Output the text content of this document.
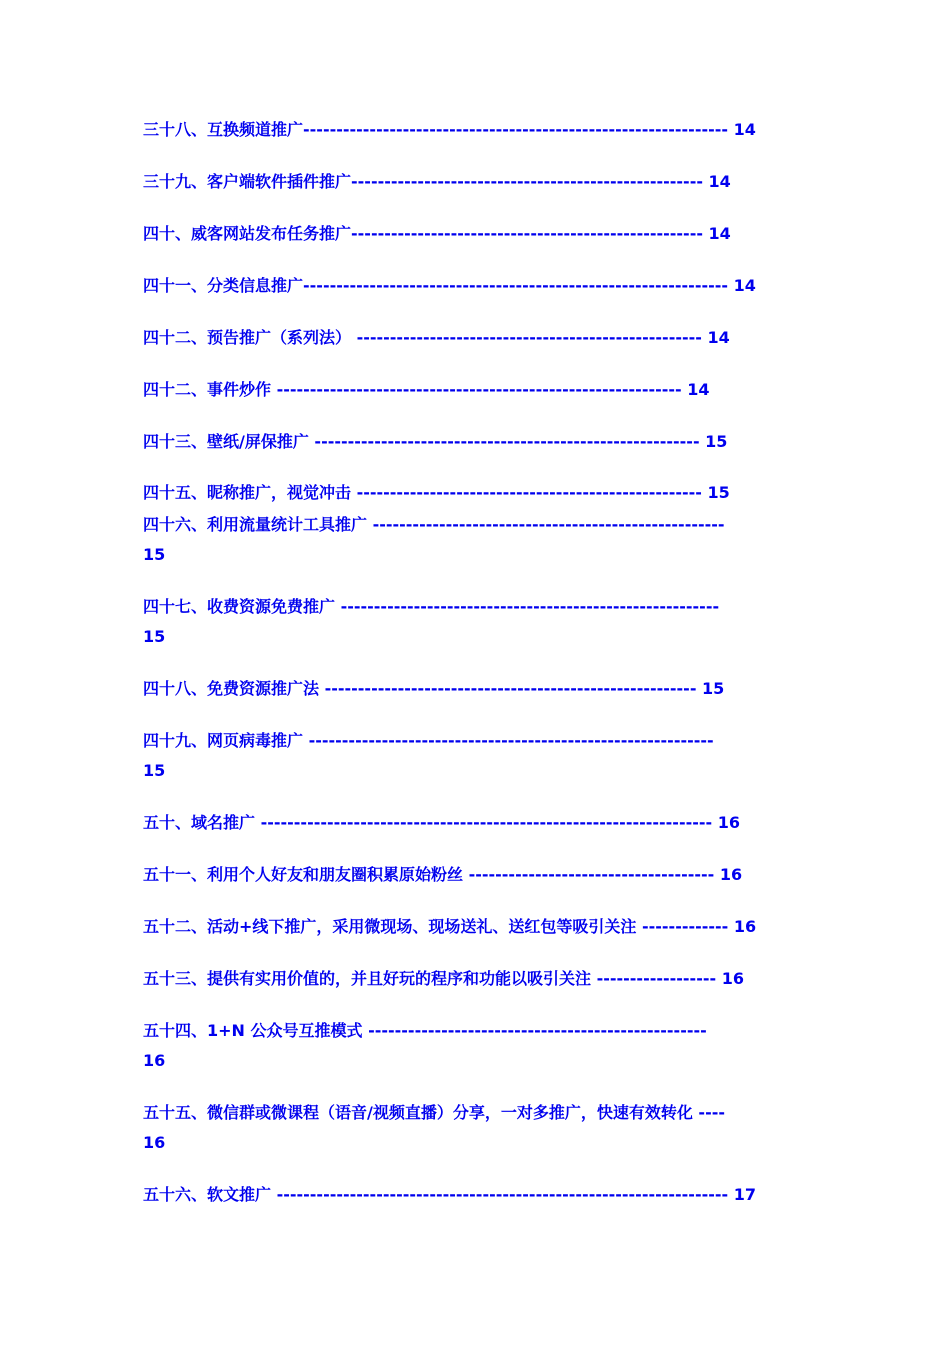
三十八、互换频道推广---------------------------------------------------------------- 14
三十九、客户端软件插件推广----------------------------------------------------- 14
四十、威客网站发布任务推广----------------------------------------------------- 14
四十一、分类信息推广---------------------------------------------------------------- 14
四十二、预告推广（系列法） ---------------------------------------------------- 14
四十二、事件炒作 ------------------------------------------------------------- 14
四十三、壁纸/屏保推广 ---------------------------------------------------------- 15
四十五、昵称推广，视觉冲击 ---------------------------------------------------- 15
四十六、利用流量统计工具推广 -----------------------------------------------------
15
四十七、收费资源免费推广 ---------------------------------------------------------
15
四十八、免费资源推广法 -------------------------------------------------------- 15
四十九、网页病毒推广 -------------------------------------------------------------
15
五十、域名推广 -------------------------------------------------------------------- 16
五十一、利用个人好友和朋友圈积累原始粉丝 ------------------------------------- 16
五十二、活动+线下推广，采用微现场、现场送礼、送红包等吸引关注 ------------- 16
五十三、提供有实用价值的，并且好玩的程序和功能以吸引关注 ------------------ 16
五十四、1+N 公众号互推模式 ---------------------------------------------------
16
五十五、微信群或微课程（语音/视频直播）分享，一对多推广，快速有效转化 ----
16
五十六、软文推广 -------------------------------------------------------------------- 17
